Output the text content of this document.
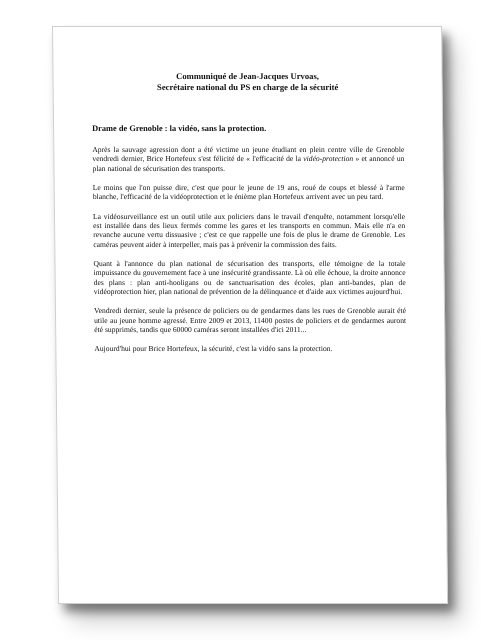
Communiqué de Jean-Jacques Urvoas,
Secrétaire national du PS en charge de la sécurité
Drame de Grenoble : la vidéo, sans la protection.

Après la sauvage agression dont a été victime un jeune étudiant en plein centre ville de Grenoble vendredi dernier, Brice Hortefeux s'est félicité de « l'efficacité de la vidéo-protection » et annoncé un plan national de sécurisation des transports.

Le moins que l'on puisse dire, c'est que pour le jeune de 19 ans, roué de coups et blessé à l'arme blanche, l'efficacité de la vidéoprotection et le énième plan Hortefeux arrivent avec un peu tard.

La vidéosurveillance est un outil utile aux policiers dans le travail d'enquête, notamment lorsqu'elle est installée dans des lieux fermés comme les gares et les transports en commun. Mais elle n'a en revanche aucune vertu dissuasive ; c'est ce que rappelle une fois de plus le drame de Grenoble. Les caméras peuvent aider à interpeller, mais pas à prévenir la commission des faits.

Quant à l'annonce du plan national de sécurisation des transports, elle témoigne de la totale impuissance du gouvernement face à une insécurité grandissante. Là où elle échoue, la droite annonce des plans : plan anti-hooligans ou de sanctuarisation des écoles, plan anti-bandes, plan de vidéoprotection hier, plan national de prévention de la délinquance et d'aide aux victimes aujourd'hui.

Vendredi dernier, seule la présence de policiers ou de gendarmes dans les rues de Grenoble aurait été utile au jeune homme agressé. Entre 2009 et 2013, 11400 postes de policiers et de gendarmes auront été supprimés, tandis que 60000 caméras seront installées d'ici 2011...

Aujourd'hui pour Brice Hortefeux, la sécurité, c'est la vidéo sans la protection.
